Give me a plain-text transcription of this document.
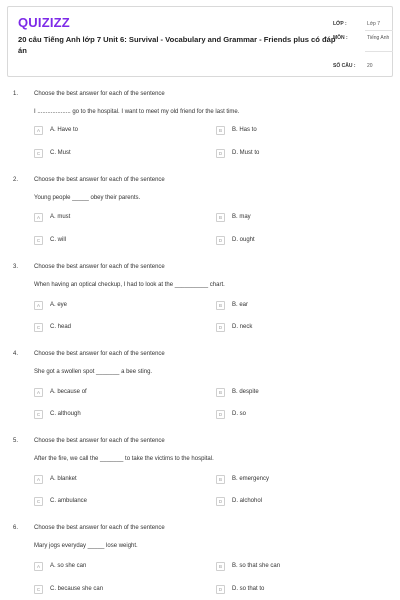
QUIZIZZ
20 câu Tiếng Anh lớp 7 Unit 6: Survival - Vocabulary and Grammar - Friends plus có đáp án
LỚP :	Lớp 7
MÔN :	Tiếng Anh
SỐ CÂU : 20
1.	Choose the best answer for each of the sentence
I .................... go to the hospital. I want to meet my old friend for the last time.
A	A. Have to	B	B. Has to
C	C. Must	D	D. Must to
2.	Choose the best answer for each of the sentence
Young people _____ obey their parents.
A	A. must	B	B. may
C	C. will	D	D. ought
3.	Choose the best answer for each of the sentence
When having an optical checkup, I had to look at the __________ chart.
A	A. eye	B	B. ear
C	C. head	D	D. neck
4.	Choose the best answer for each of the sentence
She got a swollen spot _______ a bee sting.
A	A. because of	B	B. despite
C	C. although	D	D. so
5.	Choose the best answer for each of the sentence
After the fire, we call the _______ to take the victims to the hospital.
A	A. blanket	B	B. emergency
C	C. ambulance	D	D. alchohol
6.	Choose the best answer for each of the sentence
Mary jogs everyday _____ lose weight.
A	A. so she can	B	B. so that she can
C	C. because she can	D	D. so that to
